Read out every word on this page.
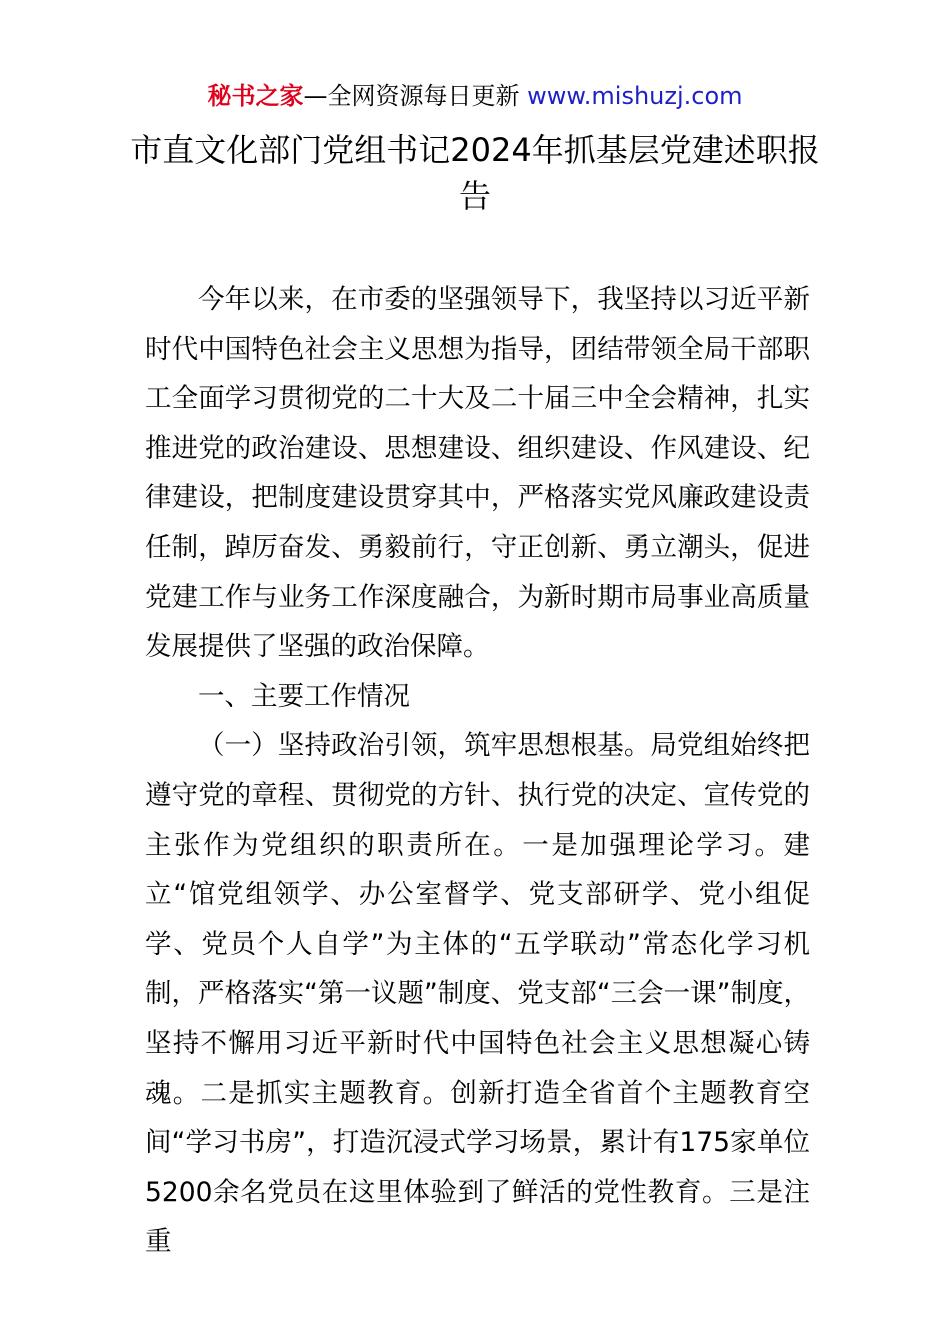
秘书之家—全网资源每日更新 www.mishuzj.com
市直文化部门党组书记2024年抓基层党建述职报告

今年以来，在市委的坚强领导下，我坚持以习近平新时代中国特色社会主义思想为指导，团结带领全局干部职工全面学习贯彻党的二十大及二十届三中全会精神，扎实推进党的政治建设、思想建设、组织建设、作风建设、纪律建设，把制度建设贯穿其中，严格落实党风廉政建设责任制，踔厉奋发、勇毅前行，守正创新、勇立潮头，促进党建工作与业务工作深度融合，为新时期市局事业高质量发展提供了坚强的政治保障。

一、主要工作情况

（一）坚持政治引领，筑牢思想根基。局党组始终把遵守党的章程、贯彻党的方针、执行党的决定、宣传党的主张作为党组织的职责所在。一是加强理论学习。建立“馆党组领学、办公室督学、党支部研学、党小组促学、党员个人自学”为主体的“五学联动”常态化学习机制，严格落实“第一议题”制度、党支部“三会一课”制度，坚持不懈用习近平新时代中国特色社会主义思想凝心铸魂。二是抓实主题教育。创新打造全省首个主题教育空间“学习书房”，打造沉浸式学习场景，累计有175家单位5200余名党员在这里体验到了鲜活的党性教育。三是注重
